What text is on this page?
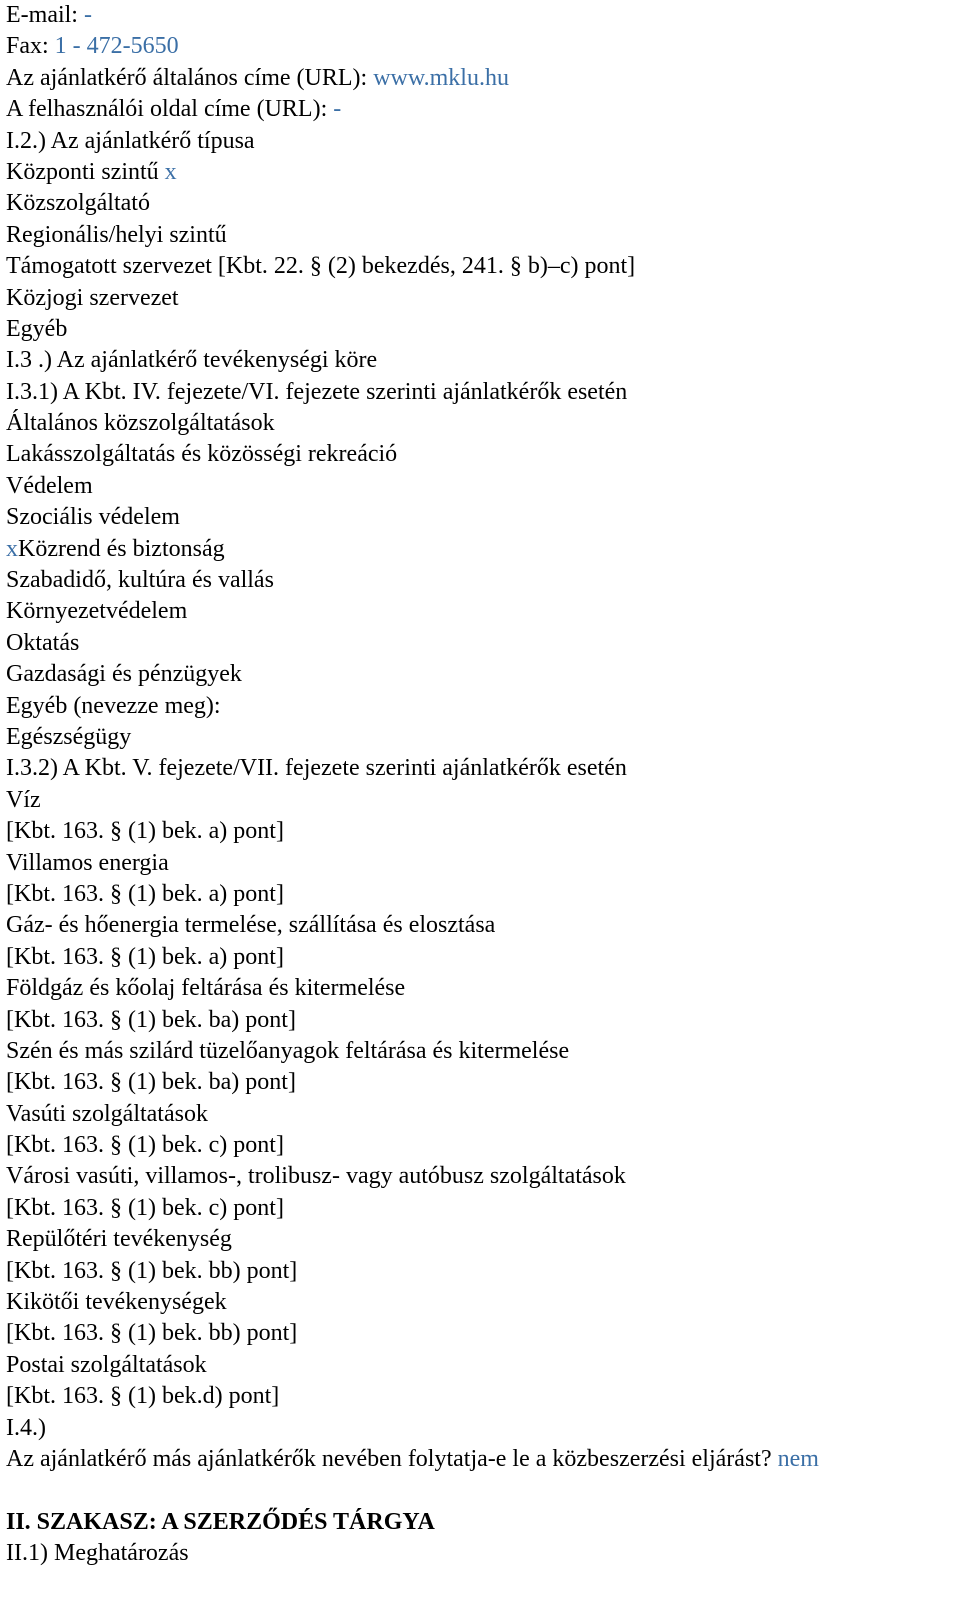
E-mail: -
Fax: 1 - 472-5650
Az ajánlatkérő általános címe (URL): www.mklu.hu
A felhasználói oldal címe (URL): -
I.2.) Az ajánlatkérő típusa
Központi szintű x
Közszolgáltató
Regionális/helyi szintű
Támogatott szervezet [Kbt. 22. § (2) bekezdés, 241. § b)–c) pont]
Közjogi szervezet
Egyéb
I.3 .) Az ajánlatkérő tevékenységi köre
I.3.1) A Kbt. IV. fejezete/VI. fejezete szerinti ajánlatkérők esetén
Általános közszolgáltatások
Lakásszolgáltatás és közösségi rekreáció
Védelem
Szociális védelem
xKözrend és biztonság
Szabadidő, kultúra és vallás
Környezetvédelem
Oktatás
Gazdasági és pénzügyek
Egyéb (nevezze meg):
Egészségügy
I.3.2) A Kbt. V. fejezete/VII. fejezete szerinti ajánlatkérők esetén
Víz
[Kbt. 163. § (1) bek. a) pont]
Villamos energia
[Kbt. 163. § (1) bek. a) pont]
Gáz- és hőenergia termelése, szállítása és elosztása
[Kbt. 163. § (1) bek. a) pont]
Földgáz és kőolaj feltárása és kitermelése
[Kbt. 163. § (1) bek. ba) pont]
Szén és más szilárd tüzelőanyagok feltárása és kitermelése
[Kbt. 163. § (1) bek. ba) pont]
Vasúti szolgáltatások
[Kbt. 163. § (1) bek. c) pont]
Városi vasúti, villamos-, trolibusz- vagy autóbusz szolgáltatások
[Kbt. 163. § (1) bek. c) pont]
Repülőtéri tevékenység
[Kbt. 163. § (1) bek. bb) pont]
Kikötői tevékenységek
[Kbt. 163. § (1) bek. bb) pont]
Postai szolgáltatások
[Kbt. 163. § (1) bek.d) pont]
I.4.)
Az ajánlatkérő más ajánlatkérők nevében folytatja-e le a közbeszerzési eljárást? nem
II. SZAKASZ: A SZERZŐDÉS TÁRGYA
II.1) Meghatározás
